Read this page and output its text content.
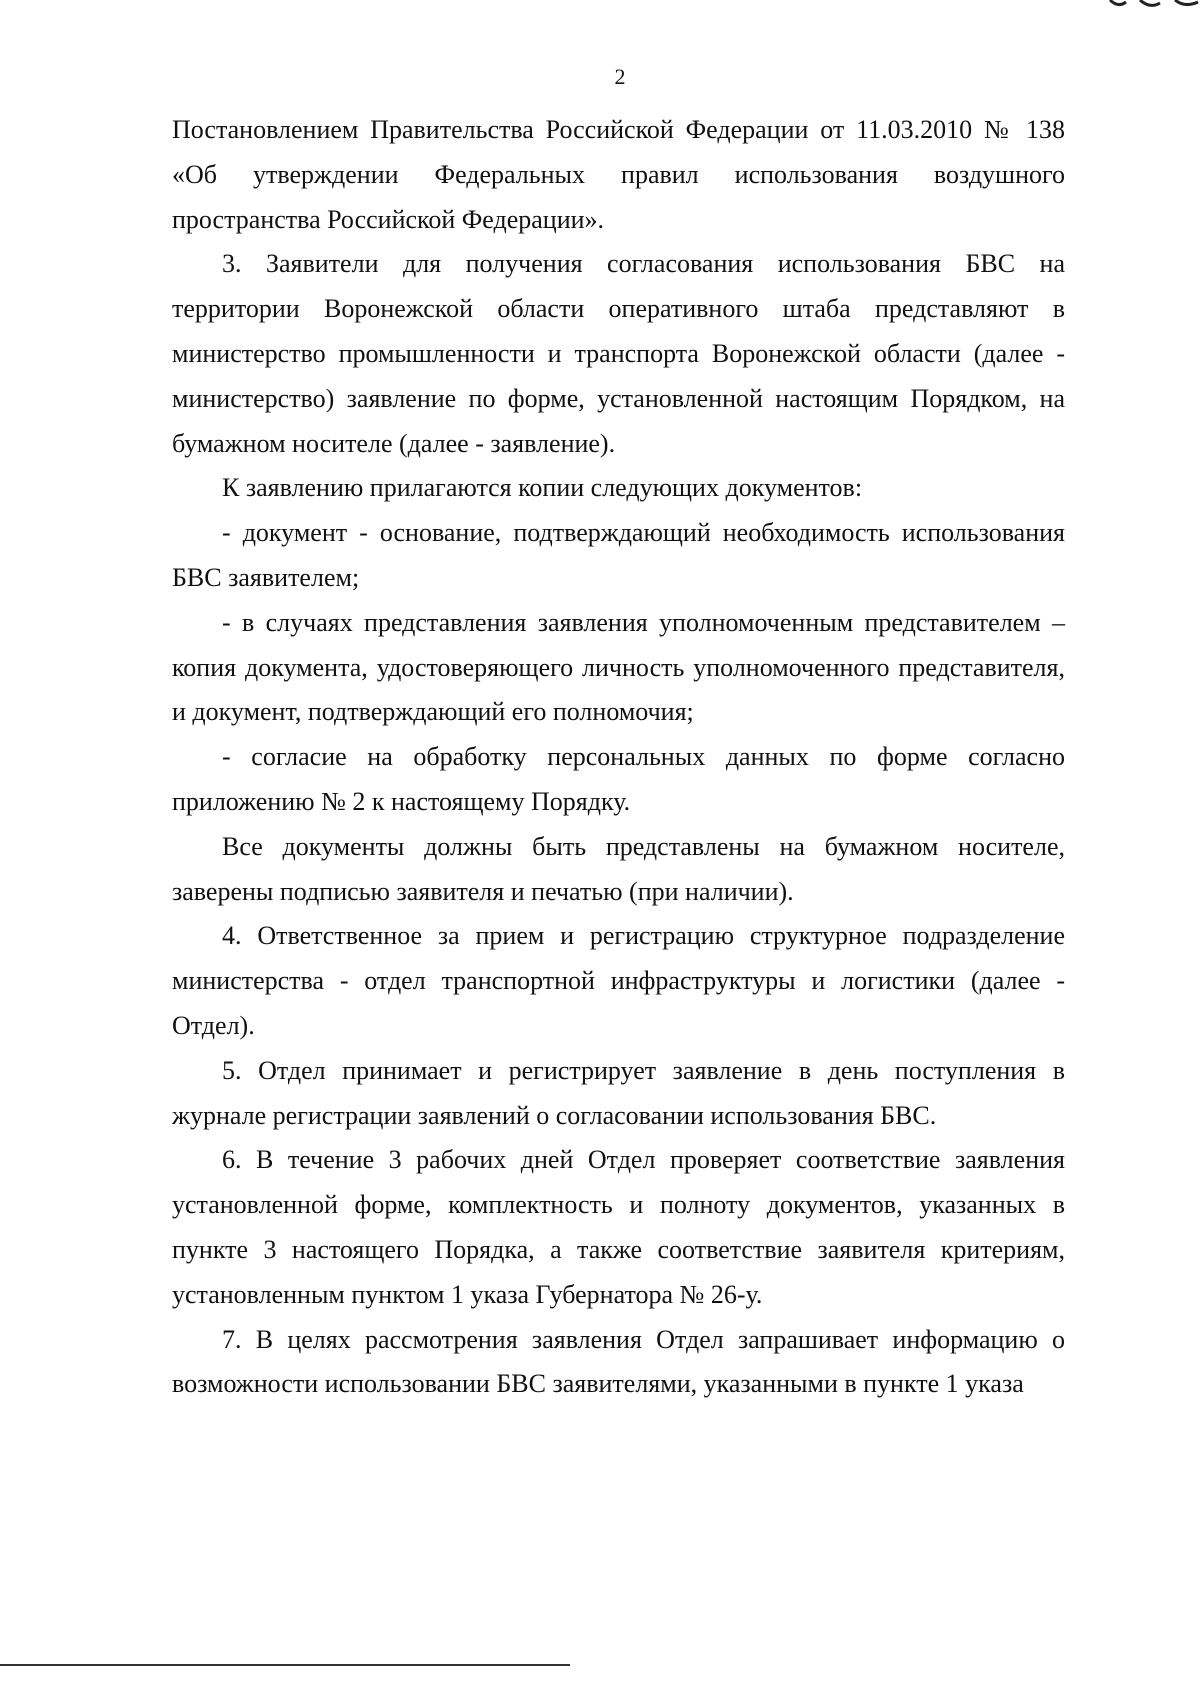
2

Постановлением Правительства Российской Федерации от 11.03.2010 № 138 «Об утверждении Федеральных правил использования воздушного пространства Российской Федерации».

3. Заявители для получения согласования использования БВС на территории Воронежской области оперативного штаба представляют в министерство промышленности и транспорта Воронежской области (далее - министерство) заявление по форме, установленной настоящим Порядком, на бумажном носителе (далее - заявление).

К заявлению прилагаются копии следующих документов:

- документ - основание, подтверждающий необходимость использования БВС заявителем;

- в случаях представления заявления уполномоченным представителем – копия документа, удостоверяющего личность уполномоченного представителя, и документ, подтверждающий его полномочия;

- согласие на обработку персональных данных по форме согласно приложению № 2 к настоящему Порядку.

Все документы должны быть представлены на бумажном носителе, заверены подписью заявителя и печатью (при наличии).

4. Ответственное за прием и регистрацию структурное подразделение министерства - отдел транспортной инфраструктуры и логистики (далее - Отдел).

5. Отдел принимает и регистрирует заявление в день поступления в журнале регистрации заявлений о согласовании использования БВС.

6. В течение 3 рабочих дней Отдел проверяет соответствие заявления установленной форме, комплектность и полноту документов, указанных в пункте 3 настоящего Порядка, а также соответствие заявителя критериям, установленным пунктом 1 указа Губернатора № 26-у.

7. В целях рассмотрения заявления Отдел запрашивает информацию о возможности использовании БВС заявителями, указанными в пункте 1 указа
